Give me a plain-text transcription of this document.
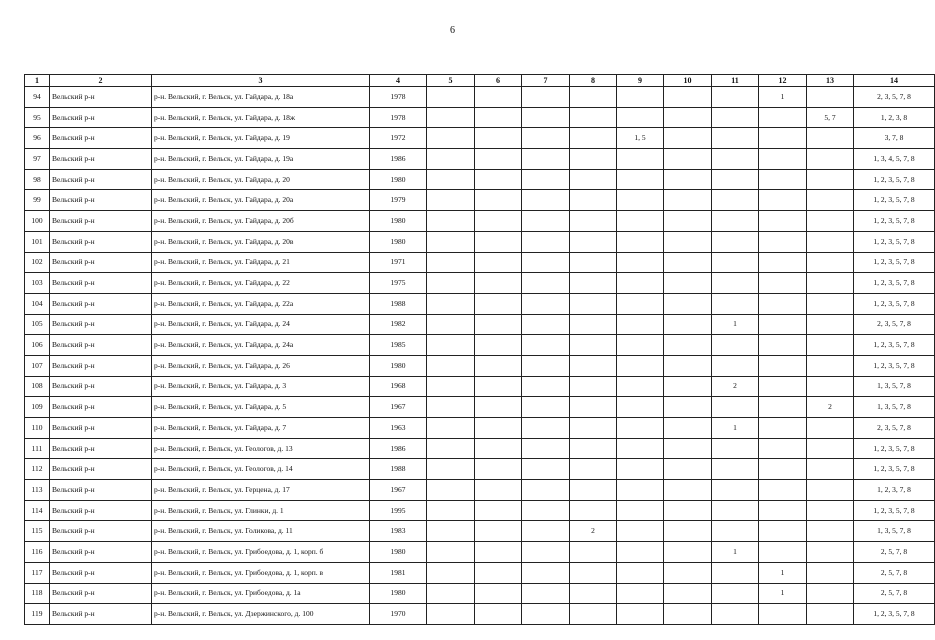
6
1	2	3	4	5	6	7	8	9	10	11	12	13	14
94	Вельский р-н	р-н. Вельский, г. Вельск, ул. Гайдара, д. 18а	1978								1		2, 3, 5, 7, 8
95	Вельский р-н	р-н. Вельский, г. Вельск, ул. Гайдара, д. 18ж	1978									5, 7	1, 2, 3, 8
96	Вельский р-н	р-н. Вельский, г. Вельск, ул. Гайдара, д. 19	1972					1, 5					3, 7, 8
97	Вельский р-н	р-н. Вельский, г. Вельск, ул. Гайдара, д. 19а	1986										1, 3, 4, 5, 7, 8
98	Вельский р-н	р-н. Вельский, г. Вельск, ул. Гайдара, д. 20	1980										1, 2, 3, 5, 7, 8
99	Вельский р-н	р-н. Вельский, г. Вельск, ул. Гайдара, д. 20а	1979										1, 2, 3, 5, 7, 8
100	Вельский р-н	р-н. Вельский, г. Вельск, ул. Гайдара, д. 20б	1980										1, 2, 3, 5, 7, 8
101	Вельский р-н	р-н. Вельский, г. Вельск, ул. Гайдара, д. 20в	1980										1, 2, 3, 5, 7, 8
102	Вельский р-н	р-н. Вельский, г. Вельск, ул. Гайдара, д. 21	1971										1, 2, 3, 5, 7, 8
103	Вельский р-н	р-н. Вельский, г. Вельск, ул. Гайдара, д. 22	1975										1, 2, 3, 5, 7, 8
104	Вельский р-н	р-н. Вельский, г. Вельск, ул. Гайдара, д. 22а	1988										1, 2, 3, 5, 7, 8
105	Вельский р-н	р-н. Вельский, г. Вельск, ул. Гайдара, д. 24	1982							1			2, 3, 5, 7, 8
106	Вельский р-н	р-н. Вельский, г. Вельск, ул. Гайдара, д. 24а	1985										1, 2, 3, 5, 7, 8
107	Вельский р-н	р-н. Вельский, г. Вельск, ул. Гайдара, д. 26	1980										1, 2, 3, 5, 7, 8
108	Вельский р-н	р-н. Вельский, г. Вельск, ул. Гайдара, д. 3	1968							2			1, 3, 5, 7, 8
109	Вельский р-н	р-н. Вельский, г. Вельск, ул. Гайдара, д. 5	1967									2	1, 3, 5, 7, 8
110	Вельский р-н	р-н. Вельский, г. Вельск, ул. Гайдара, д. 7	1963							1			2, 3, 5, 7, 8
111	Вельский р-н	р-н. Вельский, г. Вельск, ул. Геологов, д. 13	1986										1, 2, 3, 5, 7, 8
112	Вельский р-н	р-н. Вельский, г. Вельск, ул. Геологов, д. 14	1988										1, 2, 3, 5, 7, 8
113	Вельский р-н	р-н. Вельский, г. Вельск, ул. Герцена, д. 17	1967										1, 2, 3, 7, 8
114	Вельский р-н	р-н. Вельский, г. Вельск, ул. Глинки, д. 1	1995										1, 2, 3, 5, 7, 8
115	Вельский р-н	р-н. Вельский, г. Вельск, ул. Голикова, д. 11	1983				2						1, 3, 5, 7, 8
116	Вельский р-н	р-н. Вельский, г. Вельск, ул. Грибоедова, д. 1, корп. б	1980							1			2, 5, 7, 8
117	Вельский р-н	р-н. Вельский, г. Вельск, ул. Грибоедова, д. 1, корп. в	1981								1		2, 5, 7, 8
118	Вельский р-н	р-н. Вельский, г. Вельск, ул. Грибоедова, д. 1а	1980								1		2, 5, 7, 8
119	Вельский р-н	р-н. Вельский, г. Вельск, ул. Дзержинского, д. 100	1970										1, 2, 3, 5, 7, 8
